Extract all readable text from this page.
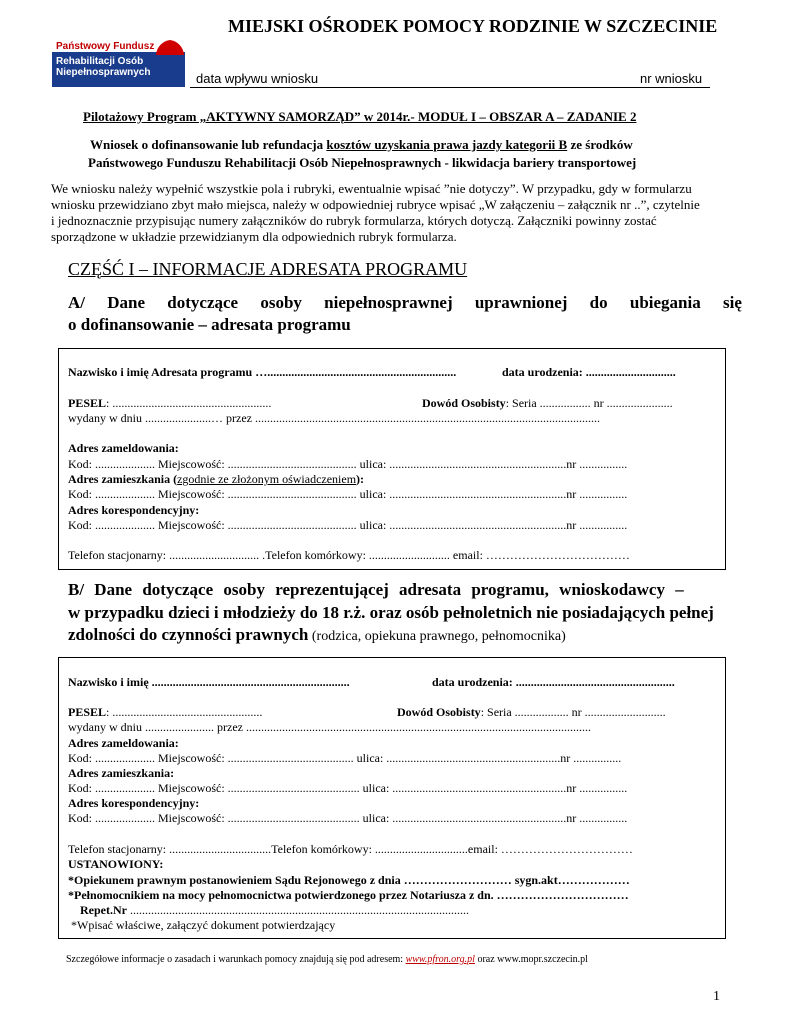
Państwowy Fundusz
Rehabilitacji Osób
Niepełnosprawnych
MIEJSKI OŚRODEK POMOCY RODZINIE W SZCZECINIE
data wpływu wniosku	nr wniosku
Pilotażowy Program „AKTYWNY SAMORZĄD” w 2014r.- MODUŁ I – OBSZAR A – ZADANIE 2
Wniosek o dofinansowanie lub refundacja kosztów uzyskania prawa jazdy kategorii B ze środków
Państwowego Funduszu Rehabilitacji Osób Niepełnosprawnych - likwidacja bariery transportowej
We wniosku należy wypełnić wszystkie pola i rubryki, ewentualnie wpisać ”nie dotyczy”. W przypadku, gdy w formularzu
wniosku przewidziano zbyt mało miejsca, należy w odpowiedniej rubryce wpisać „W załączeniu – załącznik nr ..”, czytelnie
i jednoznacznie przypisując numery załączników do rubryk formularza, których dotyczą. Załączniki powinny zostać
sporządzone w układzie przewidzianym dla odpowiednich rubryk formularza.
CZĘŚĆ I – INFORMACJE ADRESATA PROGRAMU
A/ Dane dotyczące osoby niepełnosprawnej uprawnionej do ubiegania się
o dofinansowanie – adresata programu
Nazwisko i imię Adresata programu …...............................................................	data urodzenia: ..............................
PESEL: .....................................................	Dowód Osobisty: Seria ................. nr ......................
wydany w dniu ......................… przez ...................................................................................................................
Adres zameldowania:
Kod: .................... Miejscowość: ........................................... ulica: ...........................................................nr ................
Adres zamieszkania (zgodnie ze złożonym oświadczeniem):
Kod: .................... Miejscowość: ........................................... ulica: ...........................................................nr ................
Adres korespondencyjny:
Kod: .................... Miejscowość: ........................................... ulica: ...........................................................nr ................
Telefon stacjonarny: .............................. .Telefon komórkowy: ........................... email: ………………………………
B/ Dane dotyczące osoby reprezentującej adresata programu, wnioskodawcy –
w przypadku dzieci i młodzieży do 18 r.ż. oraz osób pełnoletnich nie posiadających pełnej
zdolności do czynności prawnych (rodzica, opiekuna prawnego, pełnomocnika)
Nazwisko i imię ..................................................................	data urodzenia: .....................................................
PESEL: ..................................................	Dowód Osobisty: Seria .................. nr ...........................
wydany w dniu ....................... przez ...................................................................................................................
Adres zameldowania:
Kod: .................... Miejscowość: .......................................... ulica: ..........................................................nr ................
Adres zamieszkania:
Kod: .................... Miejscowość: ............................................ ulica: ..........................................................nr ................
Adres korespondencyjny:
Kod: .................... Miejscowość: ............................................ ulica: ..........................................................nr ................
Telefon stacjonarny: ..................................Telefon komórkowy: ...............................email: ……………………………
USTANOWIONY:
*Opiekunem prawnym postanowieniem Sądu Rejonowego z dnia ……………………… sygn.akt………………
*Pełnomocnikiem na mocy pełnomocnictwa potwierdzonego przez Notariusza z dn. ……………………………
Repet.Nr .................................................................................................................
*Wpisać właściwe, załączyć dokument potwierdzający
Szczegółowe informacje o zasadach i warunkach pomocy znajdują się pod adresem: www.pfron.org.pl oraz www.mopr.szczecin.pl
1
